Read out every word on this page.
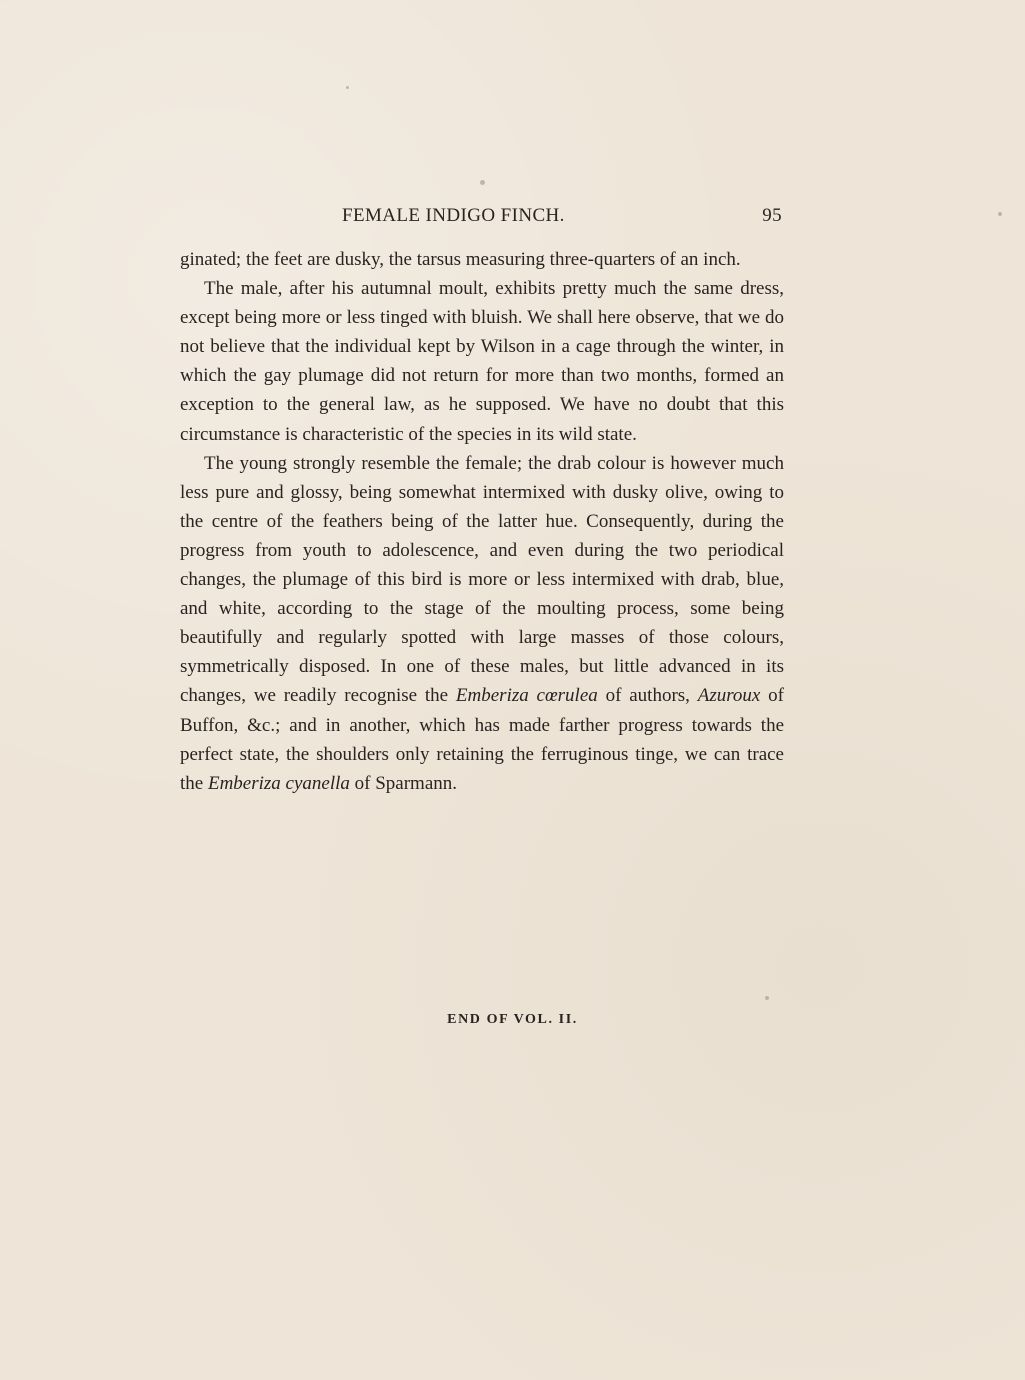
FEMALE INDIGO FINCH.	95

ginated; the feet are dusky, the tarsus measuring three-quarters of an inch.

The male, after his autumnal moult, exhibits pretty much the same dress, except being more or less tinged with bluish. We shall here observe, that we do not believe that the individual kept by Wilson in a cage through the winter, in which the gay plumage did not return for more than two months, formed an exception to the general law, as he supposed. We have no doubt that this circumstance is characteristic of the species in its wild state.

The young strongly resemble the female; the drab colour is however much less pure and glossy, being somewhat intermixed with dusky olive, owing to the centre of the feathers being of the latter hue. Consequently, during the progress from youth to adolescence, and even during the two periodical changes, the plumage of this bird is more or less intermixed with drab, blue, and white, according to the stage of the moulting process, some being beautifully and regularly spotted with large masses of those colours, symmetrically disposed. In one of these males, but little advanced in its changes, we readily recognise the Emberiza cœrulea of authors, Azuroux of Buffon, &c.; and in another, which has made farther progress towards the perfect state, the shoulders only retaining the ferruginous tinge, we can trace the Emberiza cyanella of Sparmann.

END OF VOL. II.
